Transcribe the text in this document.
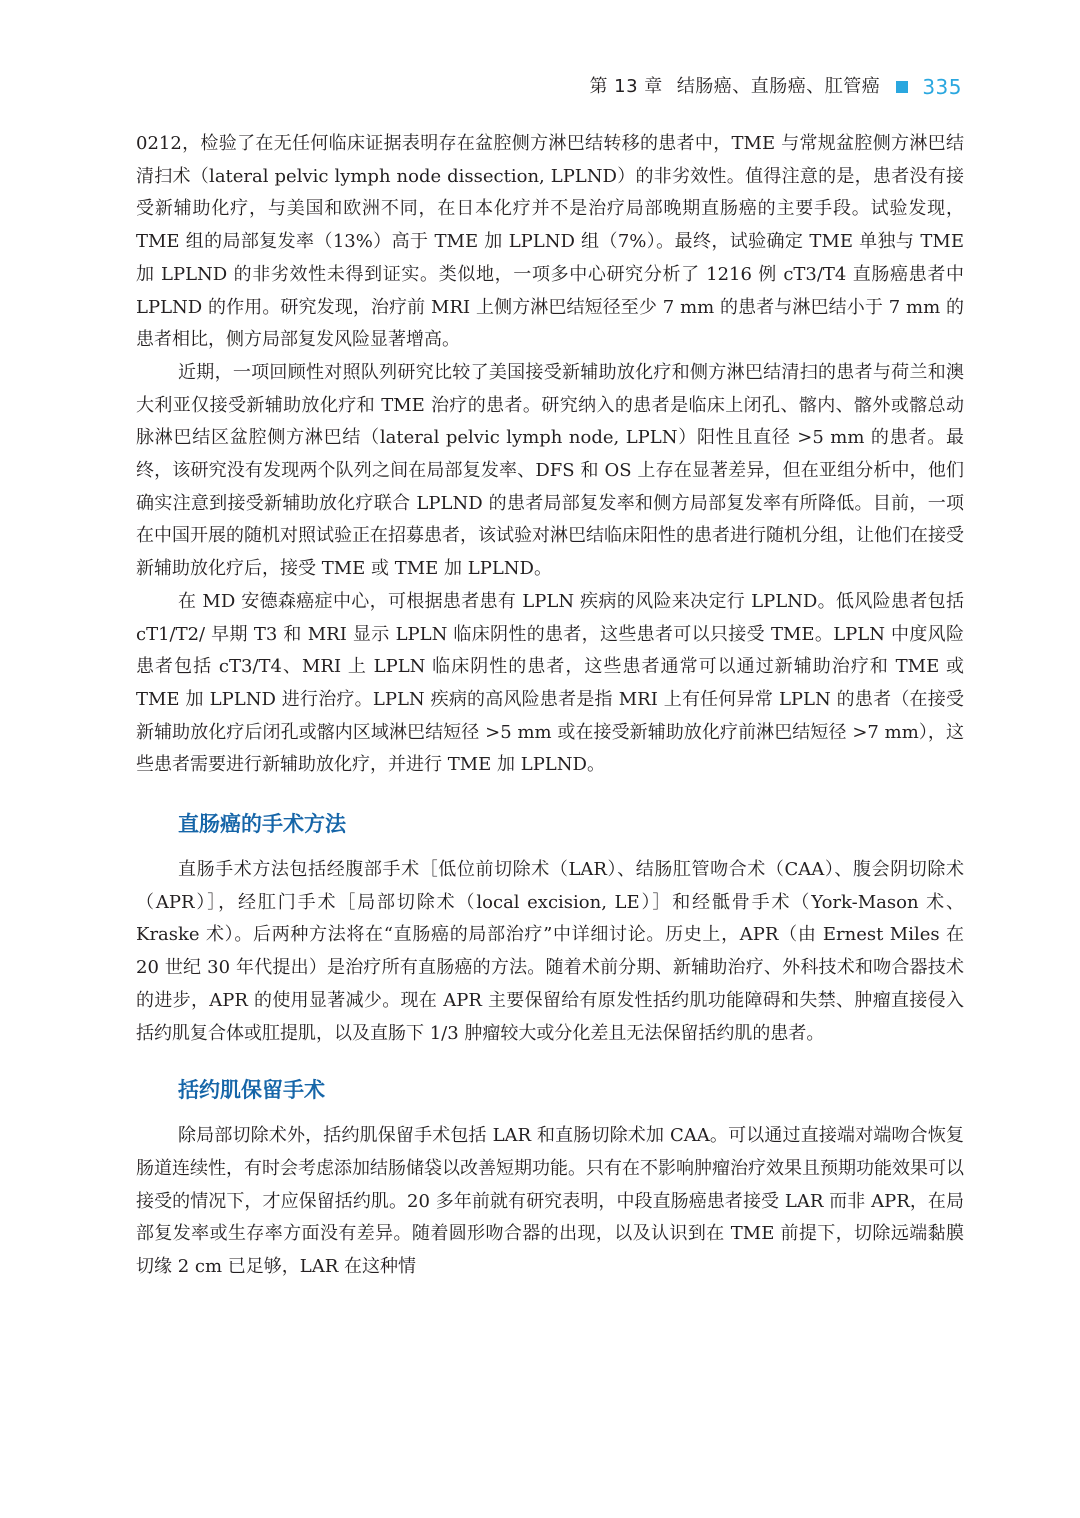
第 13 章 结肠癌、直肠癌、肛管癌 335

0212，检验了在无任何临床证据表明存在盆腔侧方淋巴结转移的患者中，TME 与常规盆腔侧方淋巴结清扫术（lateral pelvic lymph node dissection, LPLND）的非劣效性。值得注意的是，患者没有接受新辅助化疗，与美国和欧洲不同，在日本化疗并不是治疗局部晚期直肠癌的主要手段。试验发现，TME 组的局部复发率（13%）高于 TME 加 LPLND 组（7%）。最终，试验确定 TME 单独与 TME 加 LPLND 的非劣效性未得到证实。类似地，一项多中心研究分析了 1216 例 cT3/T4 直肠癌患者中 LPLND 的作用。研究发现，治疗前 MRI 上侧方淋巴结短径至少 7 mm 的患者与淋巴结小于 7 mm 的患者相比，侧方局部复发风险显著增高。

近期，一项回顾性对照队列研究比较了美国接受新辅助放化疗和侧方淋巴结清扫的患者与荷兰和澳大利亚仅接受新辅助放化疗和 TME 治疗的患者。研究纳入的患者是临床上闭孔、髂内、髂外或髂总动脉淋巴结区盆腔侧方淋巴结（lateral pelvic lymph node, LPLN）阳性且直径 >5 mm 的患者。最终，该研究没有发现两个队列之间在局部复发率、DFS 和 OS 上存在显著差异，但在亚组分析中，他们确实注意到接受新辅助放化疗联合 LPLND 的患者局部复发率和侧方局部复发率有所降低。目前，一项在中国开展的随机对照试验正在招募患者，该试验对淋巴结临床阳性的患者进行随机分组，让他们在接受新辅助放化疗后，接受 TME 或 TME 加 LPLND。

在 MD 安德森癌症中心，可根据患者患有 LPLN 疾病的风险来决定行 LPLND。低风险患者包括 cT1/T2/ 早期 T3 和 MRI 显示 LPLN 临床阴性的患者，这些患者可以只接受 TME。LPLN 中度风险患者包括 cT3/T4、MRI 上 LPLN 临床阴性的患者，这些患者通常可以通过新辅助治疗和 TME 或 TME 加 LPLND 进行治疗。LPLN 疾病的高风险患者是指 MRI 上有任何异常 LPLN 的患者（在接受新辅助放化疗后闭孔或髂内区域淋巴结短径 >5 mm 或在接受新辅助放化疗前淋巴结短径 >7 mm），这些患者需要进行新辅助放化疗，并进行 TME 加 LPLND。

直肠癌的手术方法

直肠手术方法包括经腹部手术［低位前切除术（LAR）、结肠肛管吻合术（CAA）、腹会阴切除术（APR）］，经肛门手术［局部切除术（local excision, LE）］和经骶骨手术（York-Mason 术、Kraske 术）。后两种方法将在“直肠癌的局部治疗”中详细讨论。历史上，APR（由 Ernest Miles 在 20 世纪 30 年代提出）是治疗所有直肠癌的方法。随着术前分期、新辅助治疗、外科技术和吻合器技术的进步，APR 的使用显著减少。现在 APR 主要保留给有原发性括约肌功能障碍和失禁、肿瘤直接侵入括约肌复合体或肛提肌，以及直肠下 1/3 肿瘤较大或分化差且无法保留括约肌的患者。

括约肌保留手术

除局部切除术外，括约肌保留手术包括 LAR 和直肠切除术加 CAA。可以通过直接端对端吻合恢复肠道连续性，有时会考虑添加结肠储袋以改善短期功能。只有在不影响肿瘤治疗效果且预期功能效果可以接受的情况下，才应保留括约肌。20 多年前就有研究表明，中段直肠癌患者接受 LAR 而非 APR，在局部复发率或生存率方面没有差异。随着圆形吻合器的出现，以及认识到在 TME 前提下，切除远端黏膜切缘 2 cm 已足够，LAR 在这种情
